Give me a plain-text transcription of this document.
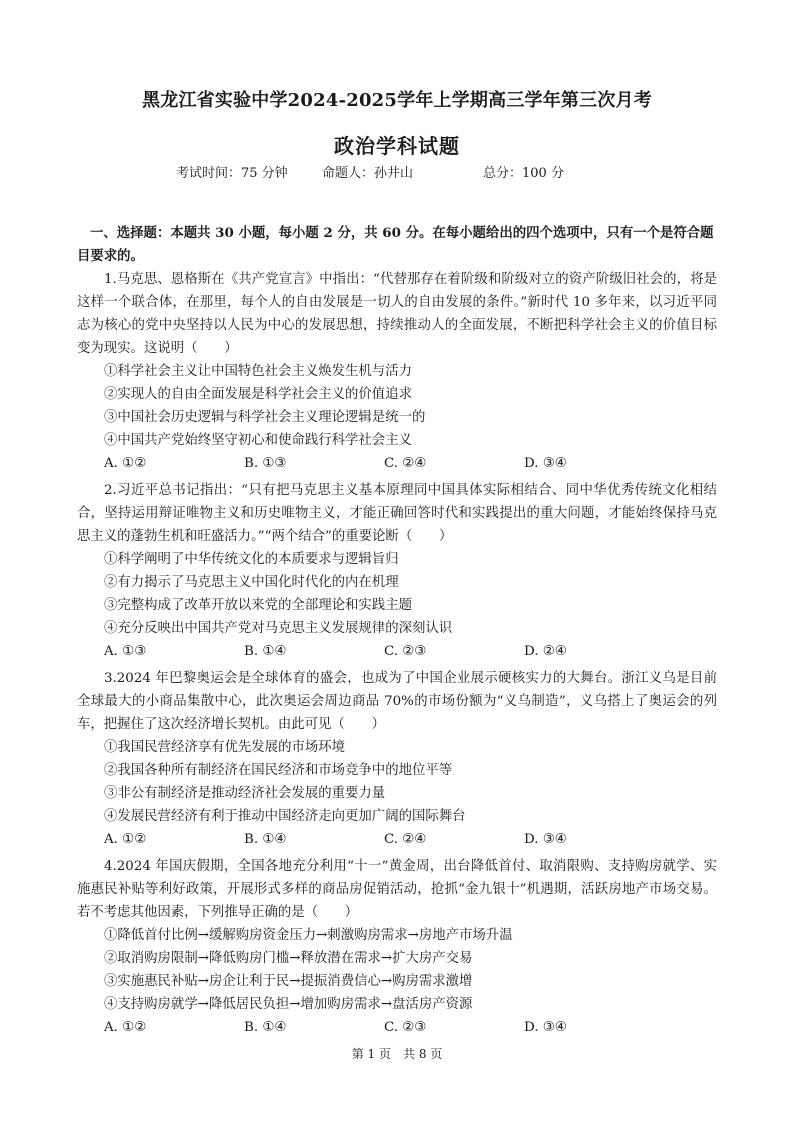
黑龙江省实验中学2024-2025学年上学期高三学年第三次月考
政治学科试题
考试时间：75 分钟	命题人：孙井山	总分：100 分

一、选择题：本题共 30 小题，每小题 2 分，共 60 分。在每小题给出的四个选项中，只有一个是符合题目要求的。

1.马克思、恩格斯在《共产党宣言》中指出：“代替那存在着阶级和阶级对立的资产阶级旧社会的，将是这样一个联合体，在那里，每个人的自由发展是一切人的自由发展的条件。”新时代 10 多年来，以习近平同志为核心的党中央坚持以人民为中心的发展思想，持续推动人的全面发展，不断把科学社会主义的价值目标变为现实。这说明（　　）

①科学社会主义让中国特色社会主义焕发生机与活力

②实现人的自由全面发展是科学社会主义的价值追求

③中国社会历史逻辑与科学社会主义理论逻辑是统一的

④中国共产党始终坚守初心和使命践行科学社会主义

A. ①②	B. ①③	C. ②④	D. ③④

2.习近平总书记指出：“只有把马克思主义基本原理同中国具体实际相结合、同中华优秀传统文化相结合，坚持运用辩证唯物主义和历史唯物主义，才能正确回答时代和实践提出的重大问题，才能始终保持马克思主义的蓬勃生机和旺盛活力。”“两个结合”的重要论断（　　）

①科学阐明了中华传统文化的本质要求与逻辑旨归

②有力揭示了马克思主义中国化时代化的内在机理

③完整构成了改革开放以来党的全部理论和实践主题

④充分反映出中国共产党对马克思主义发展规律的深刻认识

A. ①③	B. ①④	C. ②③	D. ②④

3.2024 年巴黎奥运会是全球体育的盛会，也成为了中国企业展示硬核实力的大舞台。浙江义乌是目前全球最大的小商品集散中心，此次奥运会周边商品 70%的市场份额为“义乌制造”，义乌搭上了奥运会的列车，把握住了这次经济增长契机。由此可见（　　）

①我国民营经济享有优先发展的市场环境

②我国各种所有制经济在国民经济和市场竞争中的地位平等

③非公有制经济是推动经济社会发展的重要力量

④发展民营经济有利于推动中国经济走向更加广阔的国际舞台

A. ①②	B. ①④	C. ②④	D. ③④

4.2024 年国庆假期，全国各地充分利用“十一”黄金周，出台降低首付、取消限购、支持购房就学、实施惠民补贴等利好政策，开展形式多样的商品房促销活动，抢抓“金九银十”机遇期，活跃房地产市场交易。若不考虑其他因素，下列推导正确的是（　　）

①降低首付比例→缓解购房资金压力→刺激购房需求→房地产市场升温

②取消购房限制→降低购房门槛→释放潜在需求→扩大房产交易

③实施惠民补贴→房企让利于民→提振消费信心→购房需求激增

④支持购房就学→降低居民负担→增加购房需求→盘活房产资源

A. ①②	B. ①④	C. ②③	D. ③④
第 1 页　共 8 页
